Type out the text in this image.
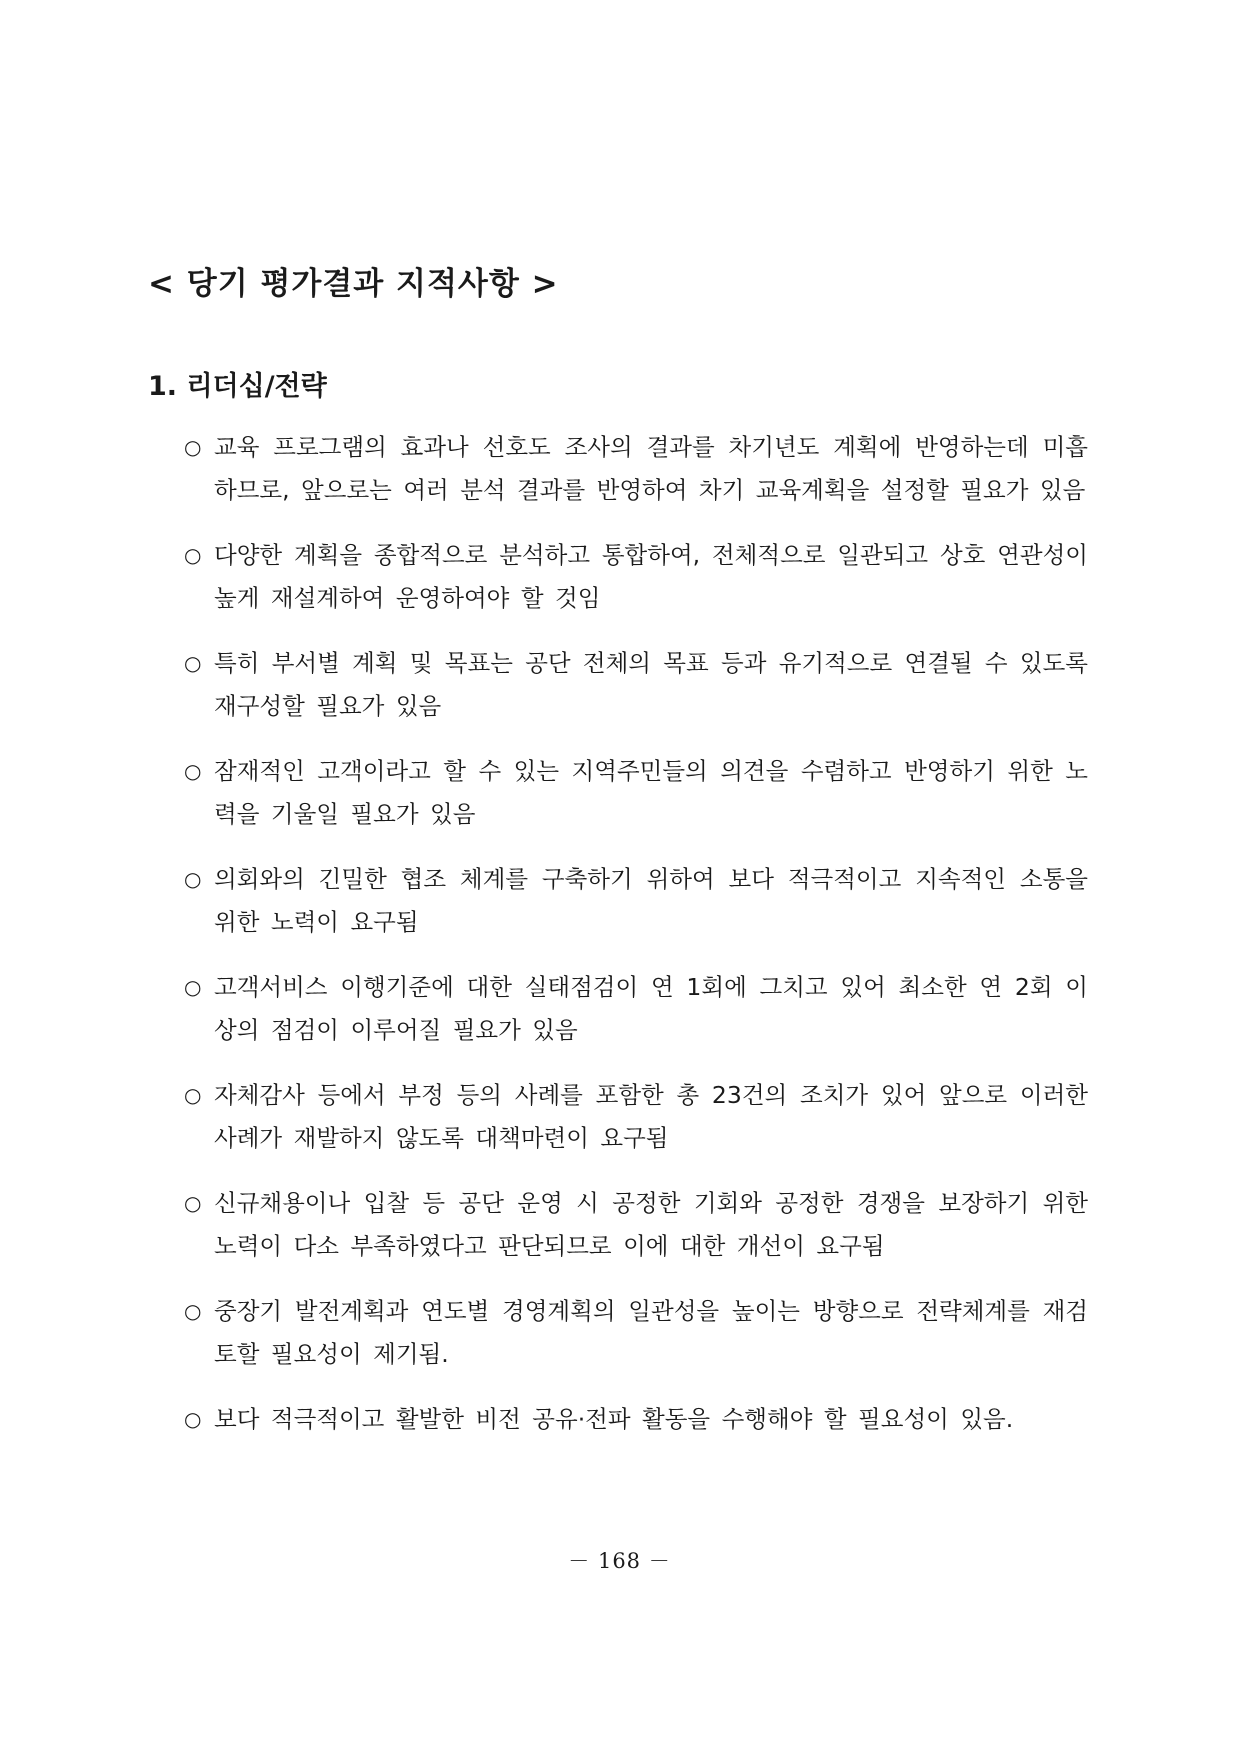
< 당기 평가결과 지적사항 >
1. 리더십/전략
○ 교육 프로그램의 효과나 선호도 조사의 결과를 차기년도 계획에 반영하는데 미흡하므로, 앞으로는 여러 분석 결과를 반영하여 차기 교육계획을 설정할 필요가 있음
○ 다양한 계획을 종합적으로 분석하고 통합하여, 전체적으로 일관되고 상호 연관성이 높게 재설계하여 운영하여야 할 것임
○ 특히 부서별 계획 및 목표는 공단 전체의 목표 등과 유기적으로 연결될 수 있도록 재구성할 필요가 있음
○ 잠재적인 고객이라고 할 수 있는 지역주민들의 의견을 수렴하고 반영하기 위한 노력을 기울일 필요가 있음
○ 의회와의 긴밀한 협조 체계를 구축하기 위하여 보다 적극적이고 지속적인 소통을 위한 노력이 요구됨
○ 고객서비스 이행기준에 대한 실태점검이 연 1회에 그치고 있어 최소한 연 2회 이상의 점검이 이루어질 필요가 있음
○ 자체감사 등에서 부정 등의 사례를 포함한 총 23건의 조치가 있어 앞으로 이러한 사례가 재발하지 않도록 대책마련이 요구됨
○ 신규채용이나 입찰 등 공단 운영 시 공정한 기회와 공정한 경쟁을 보장하기 위한 노력이 다소 부족하였다고 판단되므로 이에 대한 개선이 요구됨
○ 중장기 발전계획과 연도별 경영계획의 일관성을 높이는 방향으로 전략체계를 재검토할 필요성이 제기됨.
○ 보다 적극적이고 활발한 비전 공유·전파 활동을 수행해야 할 필요성이 있음.
－ 168 －
